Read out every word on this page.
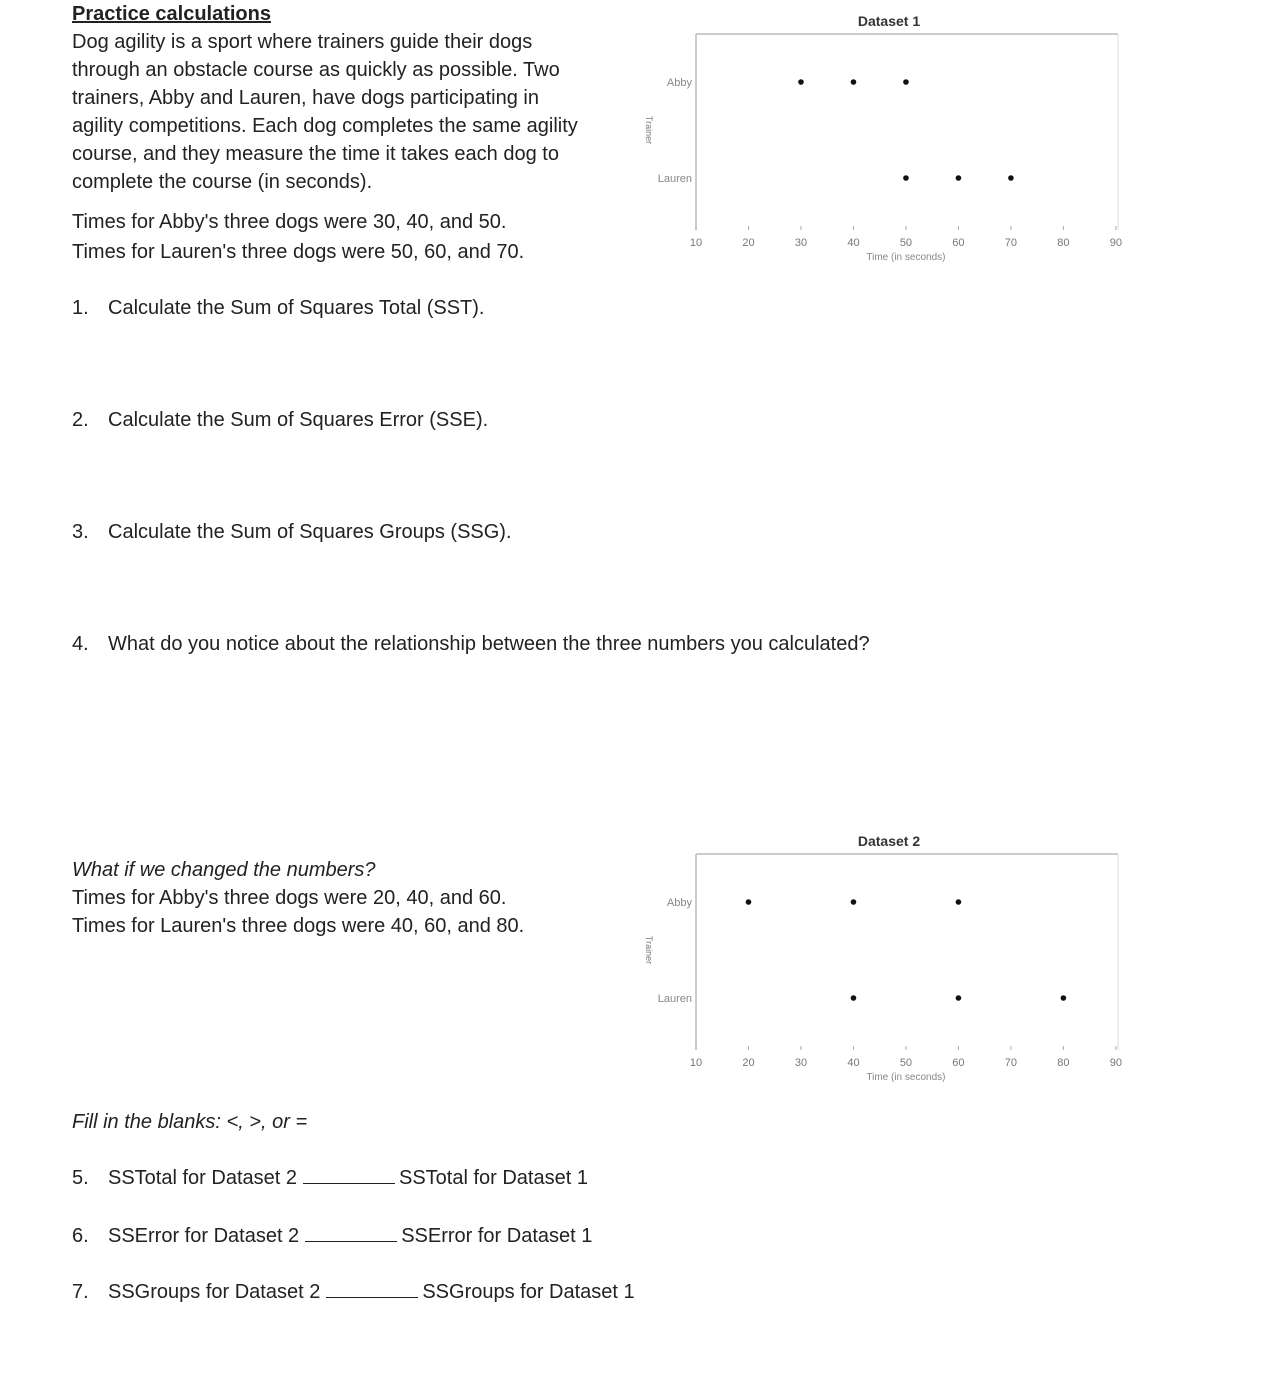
Practice calculations
Dog agility is a sport where trainers guide their dogs
through an obstacle course as quickly as possible. Two
trainers, Abby and Lauren, have dogs participating in
agility competitions. Each dog completes the same agility
course, and they measure the time it takes each dog to
complete the course (in seconds).
Times for Abby's three dogs were 30, 40, and 50.
Times for Lauren's three dogs were 50, 60, and 70.
1. Calculate the Sum of Squares Total (SST).
2. Calculate the Sum of Squares Error (SSE).
3. Calculate the Sum of Squares Groups (SSG).
4. What do you notice about the relationship between the three numbers you calculated?
What if we changed the numbers?
Times for Abby's three dogs were 20, 40, and 60.
Times for Lauren's three dogs were 40, 60, and 80.
Fill in the blanks: <, >, or =
5. SSTotal for Dataset 2	SSTotal for Dataset 1
6. SSError for Dataset 2	SSError for Dataset 1
7. SSGroups for Dataset 2	SSGroups for Dataset 1
Dataset 1
Trainer
Abby
Lauren
10	20	30	40	50	60	70	80	90
Time (in seconds)
Dataset 2
Trainer
Abby
Lauren
10	20	30	40	50	60	70	80	90
Time (in seconds)
